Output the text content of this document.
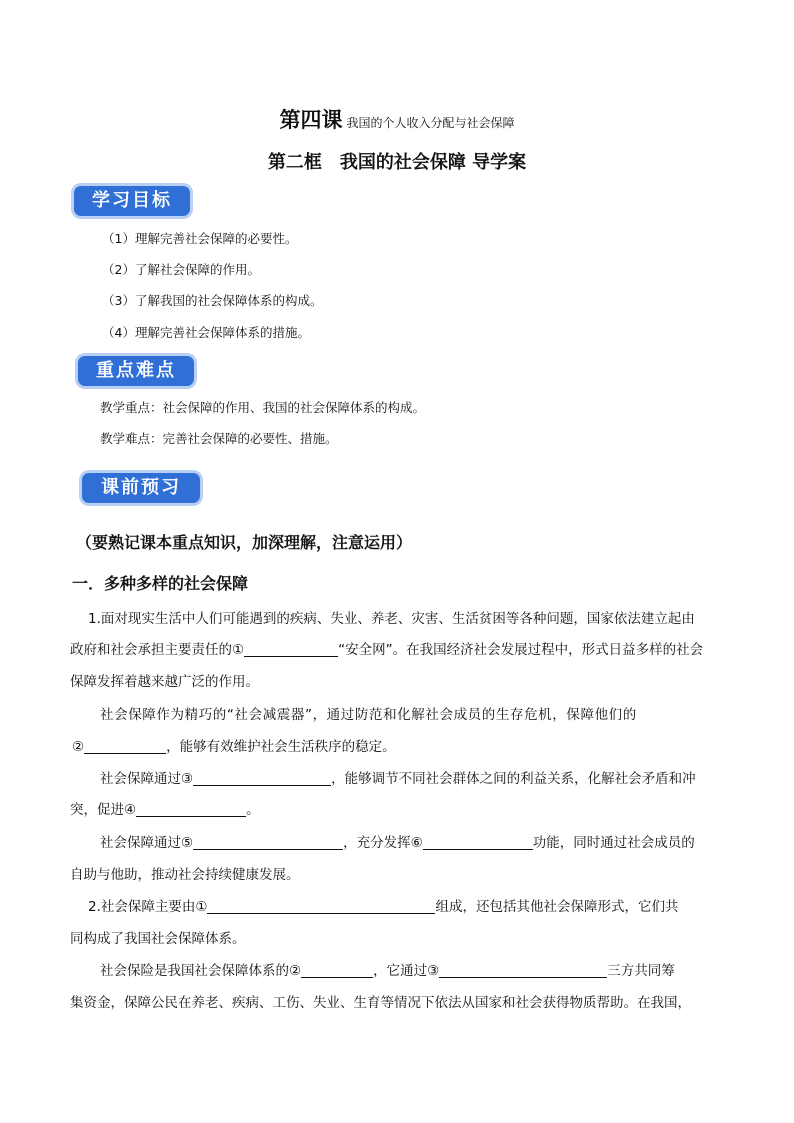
第四课 我国的个人收入分配与社会保障
第二框　我国的社会保障 导学案
学习目标
（1）理解完善社会保障的必要性。
（2）了解社会保障的作用。
（3）了解我国的社会保障体系的构成。
（4）理解完善社会保障体系的措施。
重点难点
教学重点：社会保障的作用、我国的社会保障体系的构成。
教学难点：完善社会保障的必要性、措施。
课前预习
（要熟记课本重点知识，加深理解，注意运用）
一．多种多样的社会保障
1.面对现实生活中人们可能遇到的疾病、失业、养老、灾害、生活贫困等各种问题，国家依法建立起由
政府和社会承担主要责任的①	“安全网”。在我国经济社会发展过程中，形式日益多样的社会
保障发挥着越来越广泛的作用。
社会保障作为精巧的“社会减震器”，通过防范和化解社会成员的生存危机，保障他们的
②	，能够有效维护社会生活秩序的稳定。
社会保障通过③	，能够调节不同社会群体之间的利益关系，化解社会矛盾和冲
突，促进④	。
社会保障通过⑤	，充分发挥⑥	功能，同时通过社会成员的
自助与他助，推动社会持续健康发展。
2.社会保障主要由①	组成，还包括其他社会保障形式，它们共
同构成了我国社会保障体系。
社会保险是我国社会保障体系的②	，它通过③	三方共同筹
集资金，保障公民在养老、疾病、工伤、失业、生育等情况下依法从国家和社会获得物质帮助。在我国，
